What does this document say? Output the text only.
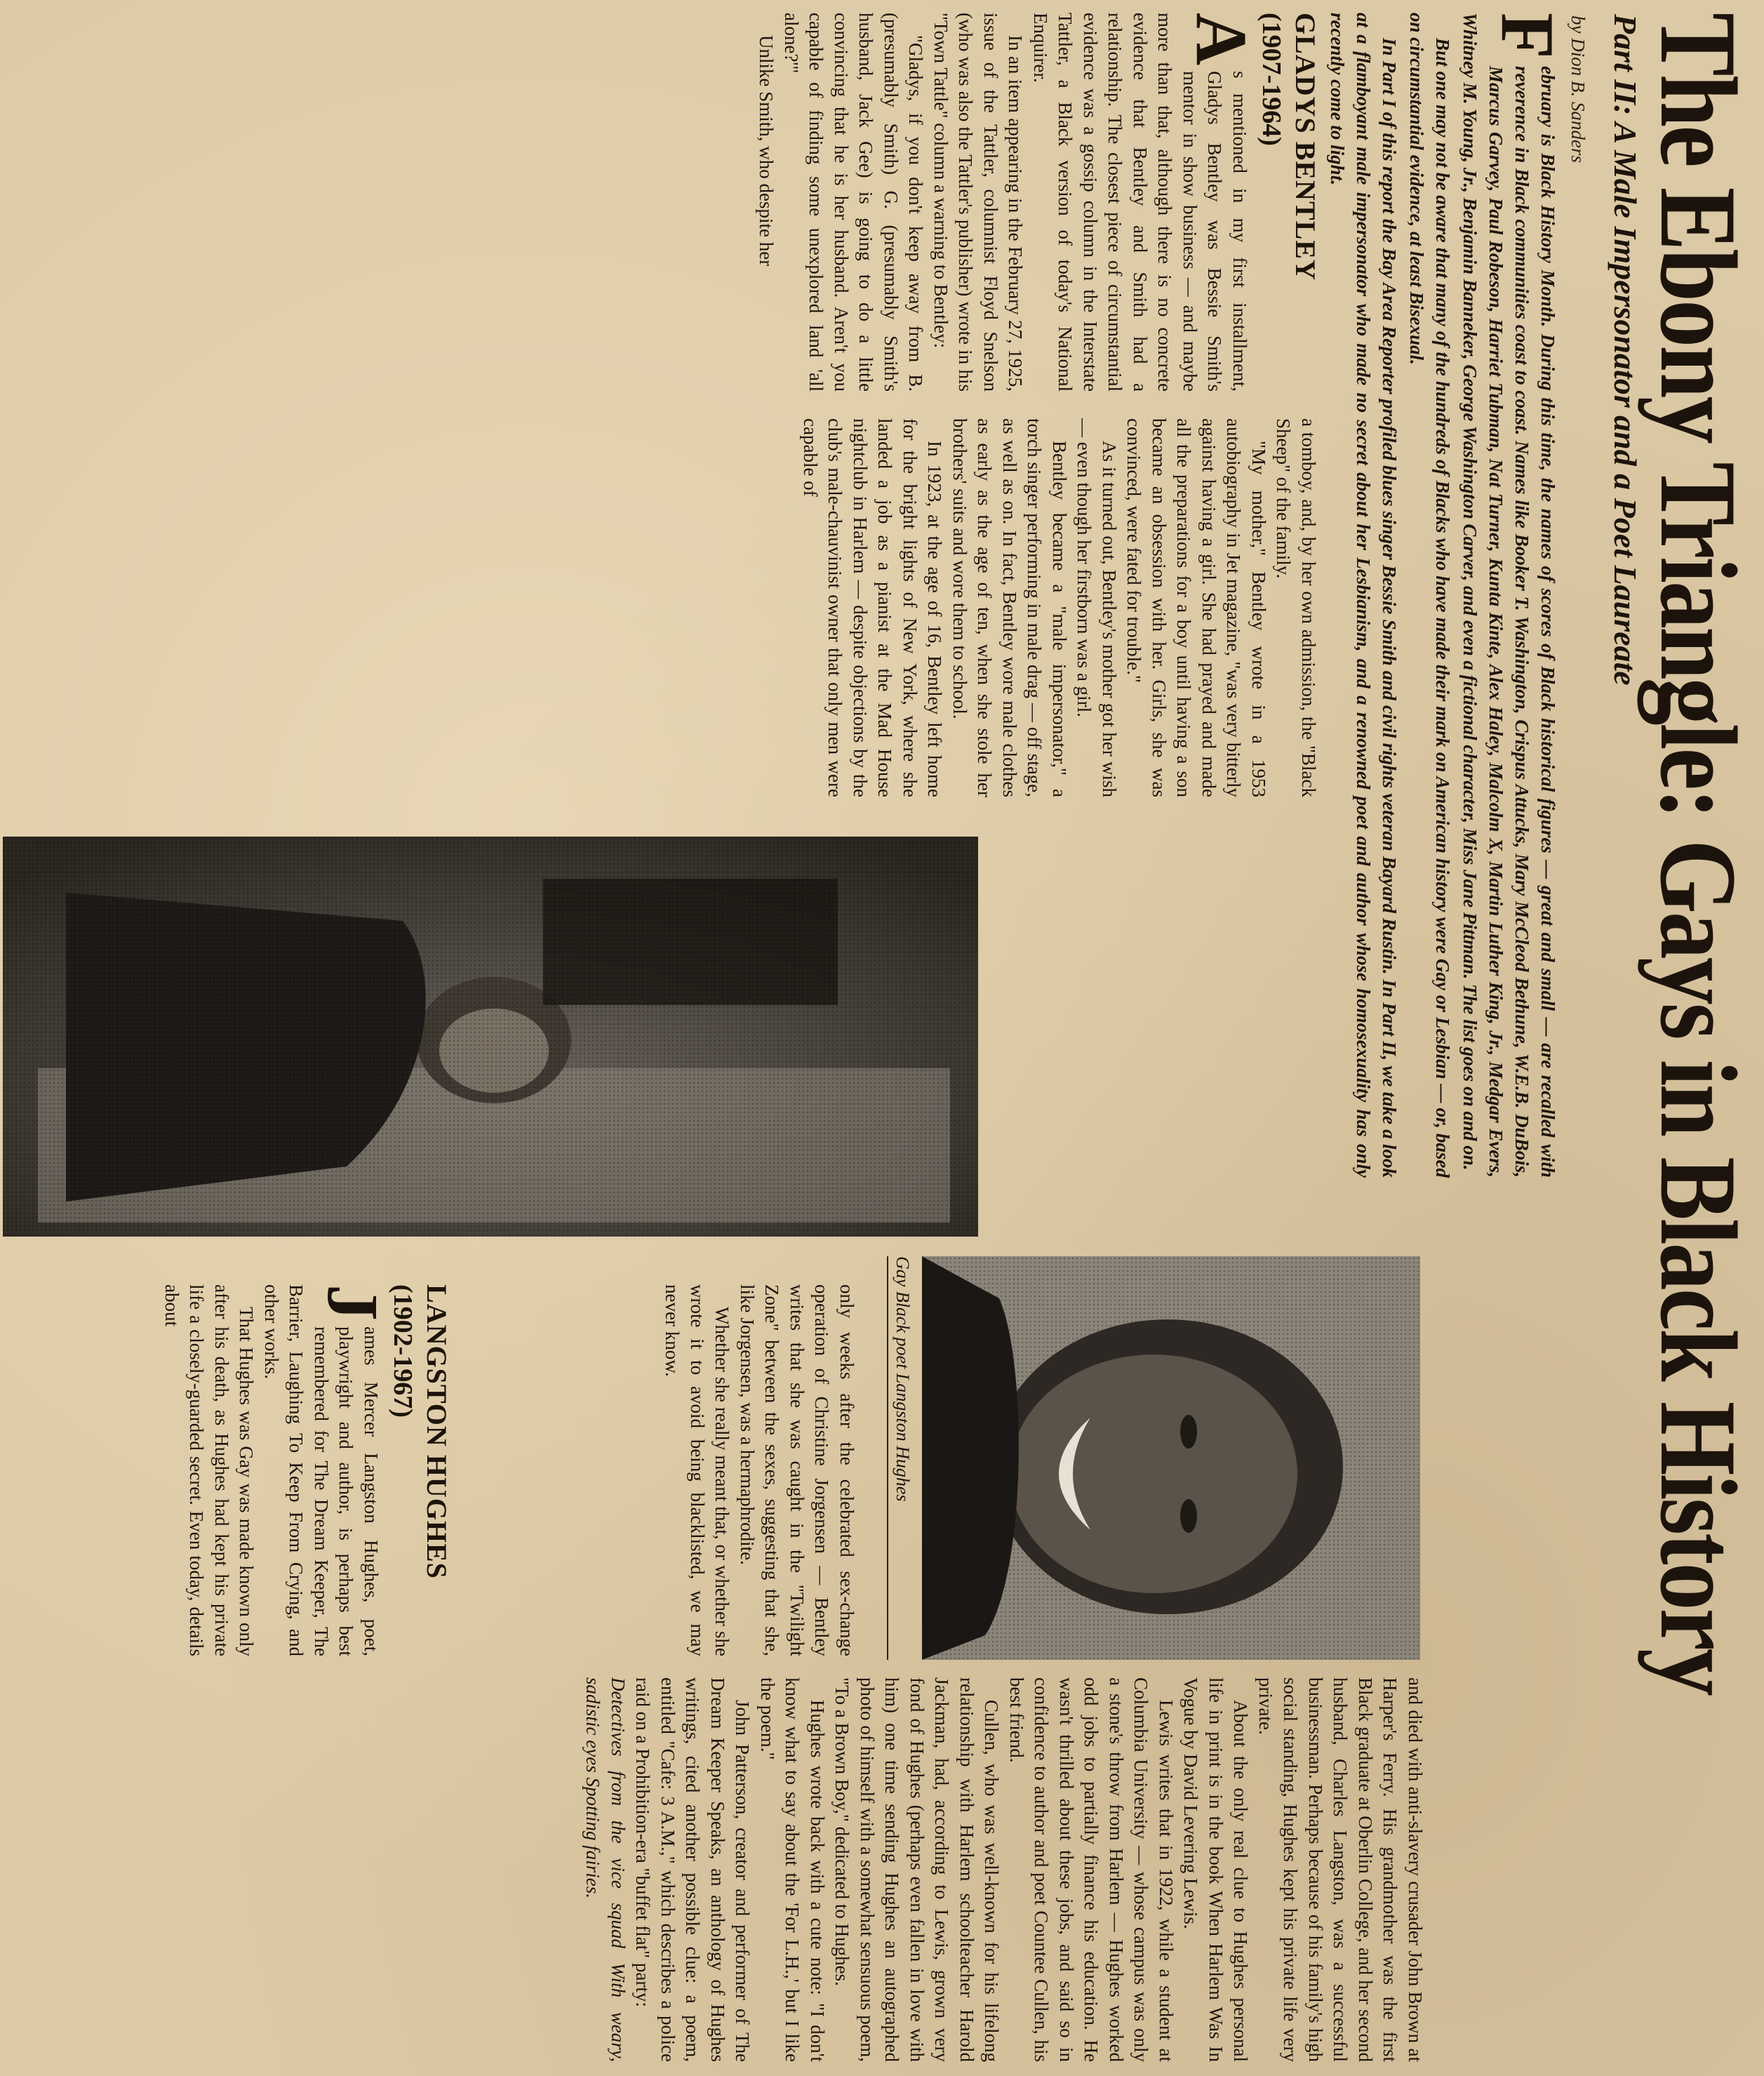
The Ebony Triangle: Gays in Black History
Part II: A Male Impersonator and a Poet Laureate
by Dion B. Sanders

F
ebruary is Black History Month. During this time, the names of scores of Black historical figures — great and small — are recalled with reverence in Black communities coast to coast. Names like Booker T. Washington, Crispus Attucks, Mary McCleod Bethune, W.E.B. DuBois, Marcus Garvey, Paul Robeson, Harriet Tubman, Nat Turner, Kunta Kinte, Alex Haley, Malcolm X, Martin Luther King, Jr., Medgar Evers, Whitney M. Young, Jr., Benjamin Banneker, George Washington Carver, and even a fictional character, Miss Jane Pittman. The list goes on and on.

But one may not be aware that many of the hundreds of Blacks who have made their mark on American history were Gay or Lesbian — or, based on circumstantial evidence, at least Bisexual.

In Part I of this report the Bay Area Reporter profiled blues singer Bessie Smith and civil rights veteran Bayard Rustin. In Part II, we take a look at a flamboyant male impersonator who made no secret about her Lesbianism, and a renowned poet and author whose homosexuality has only recently come to light.

GLADYS BENTLEY
(1907-1964)

A
s mentioned in my first installment, Gladys Bentley was Bessie Smith's mentor in show business — and maybe more than that, although there is no concrete evidence that Bentley and Smith had a relationship. The closest piece of circumstantial evidence was a gossip column in the Interstate Tattler, a Black version of today's National Enquirer.

In an item appearing in the February 27, 1925, issue of the Tattler, columnist Floyd Snelson (who was also the Tattler's publisher) wrote in his "Town Tattle" column a warning to Bentley:

"Gladys, if you don't keep away from B. (presumably Smith) G. (presumably Smith's husband, Jack Gee) is going to do a little convincing that he is her husband. Aren't you capable of finding some unexplored land 'all alone?'"

Unlike Smith, who despite her

a tomboy, and, by her own admission, the "Black Sheep" of the family.

"My mother," Bentley wrote in a 1953 autobiography in Jet magazine, "was very bitterly against having a girl. She had prayed and made all the preparations for a boy until having a son became an obsession with her. Girls, she was convinced, were fated for trouble."

As it turned out, Bentley's mother got her wish — even though her firstborn was a girl.

Bentley became a "male impersonator," a torch singer performing in male drag — off stage, as well as on. In fact, Bentley wore male clothes as early as the age of ten, when she stole her brothers' suits and wore them to school.

In 1923, at the age of 16, Bentley left home for the bright lights of New York, where she landed a job as a pianist at the Mad House nightclub in Harlem — despite objections by the club's male-chauvinist owner that only men were capable of

only weeks after the celebrated sex-change operation of Christine Jorgensen — Bentley writes that she was caught in the "Twilight Zone" between the sexes, suggesting that she, like Jorgensen, was a hermaphrodite.

Whether she really meant that, or whether she wrote it to avoid being blacklisted, we may never know.	Gay Black poet Langston Hughes
LANGSTON HUGHES
(1902-1967)

J
ames Mercer Langston Hughes, poet, playwright and author, is perhaps best remembered for The Dream Keeper, The Barrier, Laughing To Keep From Crying, and other works.

That Hughes was Gay was made known only after his death, as Hughes had kept his private life a closely-guarded secret. Even today, details about

and died with anti-slavery crusader John Brown at Harper's Ferry. His grandmother was the first Black graduate at Oberlin College, and her second husband, Charles Langston, was a successful businessman. Perhaps because of his family's high social standing, Hughes kept his private life very private.

About the only real clue to Hughes personal life in print is in the book When Harlem Was In Vogue by David Levering Lewis.

Lewis writes that in 1922, while a student at Columbia University — whose campus was only a stone's throw from Harlem — Hughes worked odd jobs to partially finance his education. He wasn't thrilled about these jobs, and said so in confidence to author and poet Countee Cullen, his best friend.

Cullen, who was well-known for his lifelong relationship with Harlem schoolteacher Harold Jackman, had, according to Lewis, grown very fond of Hughes (perhaps even fallen in love with him) one time sending Hughes an autographed photo of himself with a somewhat sensuous poem, "To a Brown Boy," dedicated to Hughes.

Hughes wrote back with a cute note: "I don't know what to say about the 'For L.H.,' but I like the poem."

John Patterson, creator and performer of The Dream Keeper Speaks, an anthology of Hughes writings, cited another possible clue: a poem, entitled "Cafe: 3 A.M.," which describes a police raid on a Prohibition-era "buffet flat" party:

Detectives from the vice squad With weary, sadistic eyes Spotting fairies.
